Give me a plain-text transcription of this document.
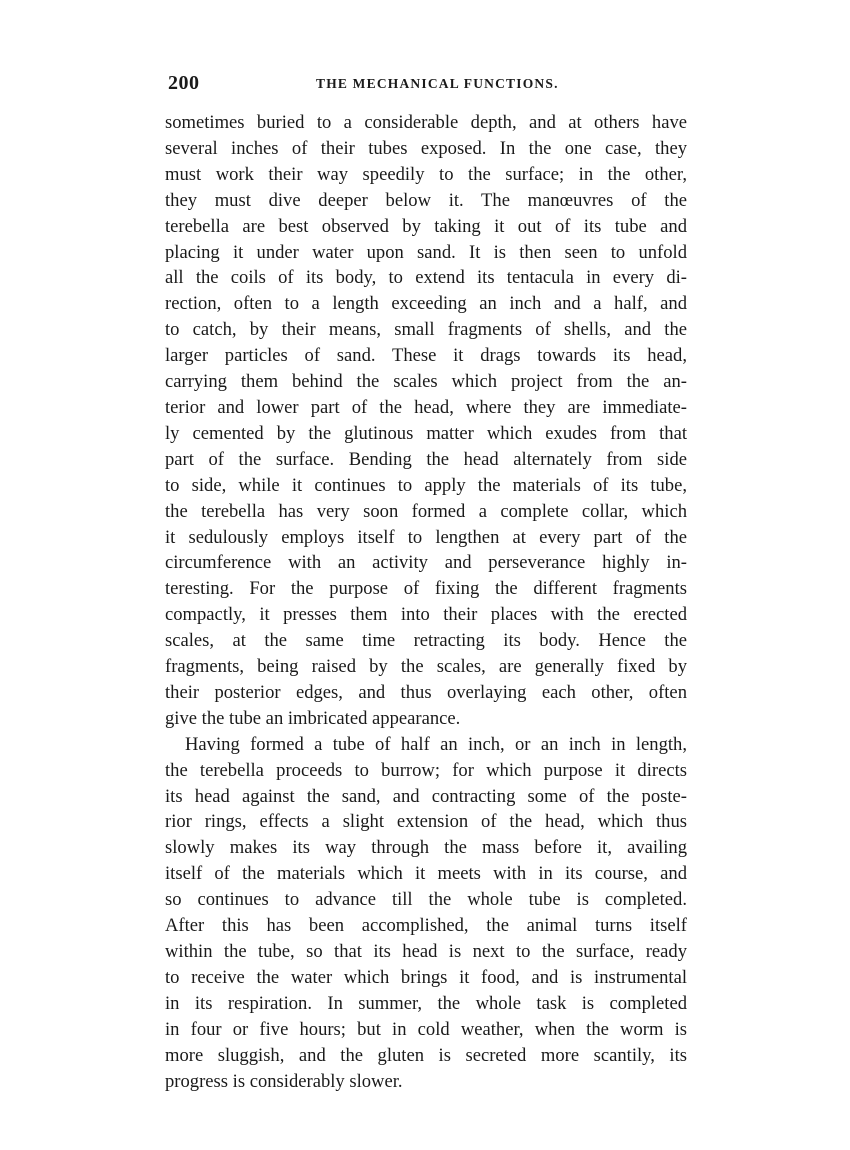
200	THE MECHANICAL FUNCTIONS.
sometimes buried to a considerable depth, and at others have
several inches of their tubes exposed. In the one case, they
must work their way speedily to the surface; in the other,
they must dive deeper below it. The manœuvres of the
terebella are best observed by taking it out of its tube and
placing it under water upon sand. It is then seen to unfold
all the coils of its body, to extend its tentacula in every di-
rection, often to a length exceeding an inch and a half, and
to catch, by their means, small fragments of shells, and the
larger particles of sand. These it drags towards its head,
carrying them behind the scales which project from the an-
terior and lower part of the head, where they are immediate-
ly cemented by the glutinous matter which exudes from that
part of the surface. Bending the head alternately from side
to side, while it continues to apply the materials of its tube,
the terebella has very soon formed a complete collar, which
it sedulously employs itself to lengthen at every part of the
circumference with an activity and perseverance highly in-
teresting. For the purpose of fixing the different fragments
compactly, it presses them into their places with the erected
scales, at the same time retracting its body. Hence the
fragments, being raised by the scales, are generally fixed by
their posterior edges, and thus overlaying each other, often
give the tube an imbricated appearance.
Having formed a tube of half an inch, or an inch in length,
the terebella proceeds to burrow; for which purpose it directs
its head against the sand, and contracting some of the poste-
rior rings, effects a slight extension of the head, which thus
slowly makes its way through the mass before it, availing
itself of the materials which it meets with in its course, and
so continues to advance till the whole tube is completed.
After this has been accomplished, the animal turns itself
within the tube, so that its head is next to the surface, ready
to receive the water which brings it food, and is instrumental
in its respiration. In summer, the whole task is completed
in four or five hours; but in cold weather, when the worm is
more sluggish, and the gluten is secreted more scantily, its
progress is considerably slower.
